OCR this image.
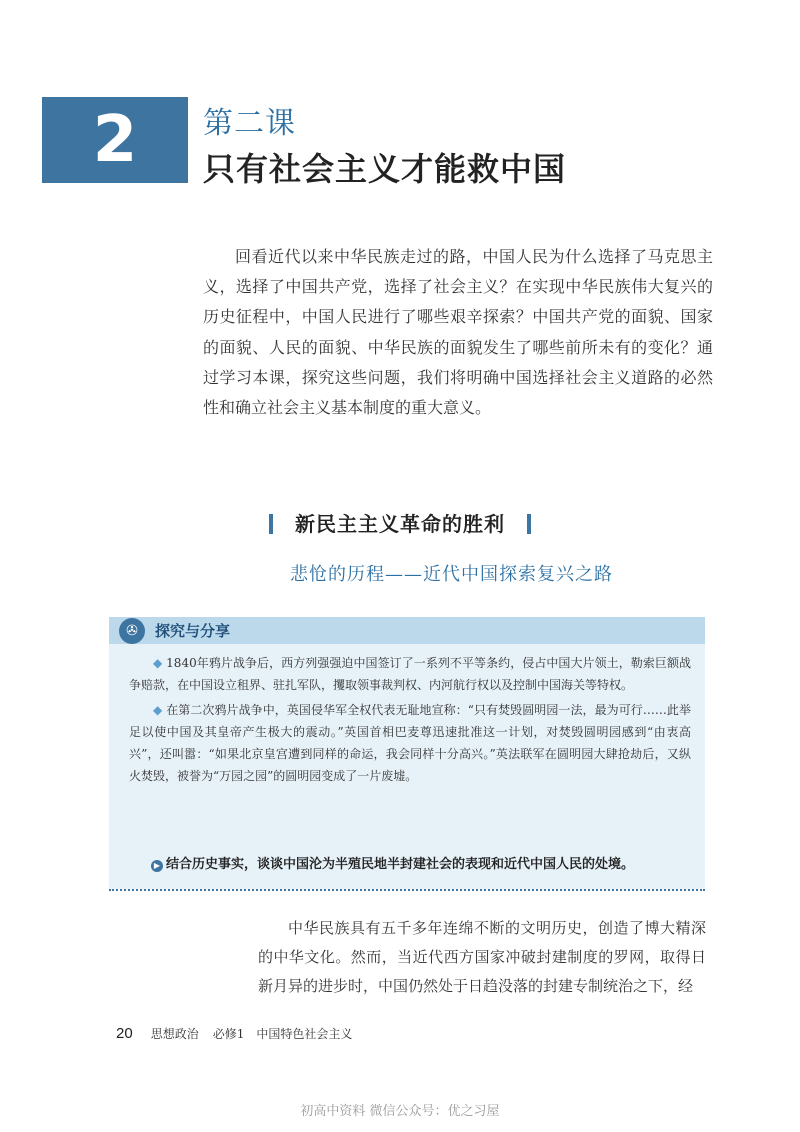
2	第二课
只有社会主义才能救中国

回看近代以来中华民族走过的路，中国人民为什么选择了马克思主义，选择了中国共产党，选择了社会主义？在实现中华民族伟大复兴的历史征程中，中国人民进行了哪些艰辛探索？中国共产党的面貌、国家的面貌、人民的面貌、中华民族的面貌发生了哪些前所未有的变化？通过学习本课，探究这些问题，我们将明确中国选择社会主义道路的必然性和确立社会主义基本制度的重大意义。

新民主主义革命的胜利
悲怆的历程——近代中国探索复兴之路
✇	探究与分享

◆ 1840年鸦片战争后，西方列强强迫中国签订了一系列不平等条约，侵占中国大片领土，勒索巨额战争赔款，在中国设立租界、驻扎军队，攫取领事裁判权、内河航行权以及控制中国海关等特权。

◆ 在第二次鸦片战争中，英国侵华军全权代表无耻地宣称：“只有焚毁圆明园一法，最为可行……此举足以使中国及其皇帝产生极大的震动。”英国首相巴麦尊迅速批准这一计划，对焚毁圆明园感到“由衷高兴”，还叫嚣：“如果北京皇宫遭到同样的命运，我会同样十分高兴。”英法联军在圆明园大肆抢劫后，又纵火焚毁，被誉为“万园之园”的圆明园变成了一片废墟。

▶ 结合历史事实，谈谈中国沦为半殖民地半封建社会的表现和近代中国人民的处境。

中华民族具有五千多年连绵不断的文明历史，创造了博大精深的中华文化。然而，当近代西方国家冲破封建制度的罗网，取得日新月异的进步时，中国仍然处于日趋没落的封建专制统治之下，经

20 思想政治 必修1 中国特色社会主义
初高中资料 微信公众号：优之习屋
